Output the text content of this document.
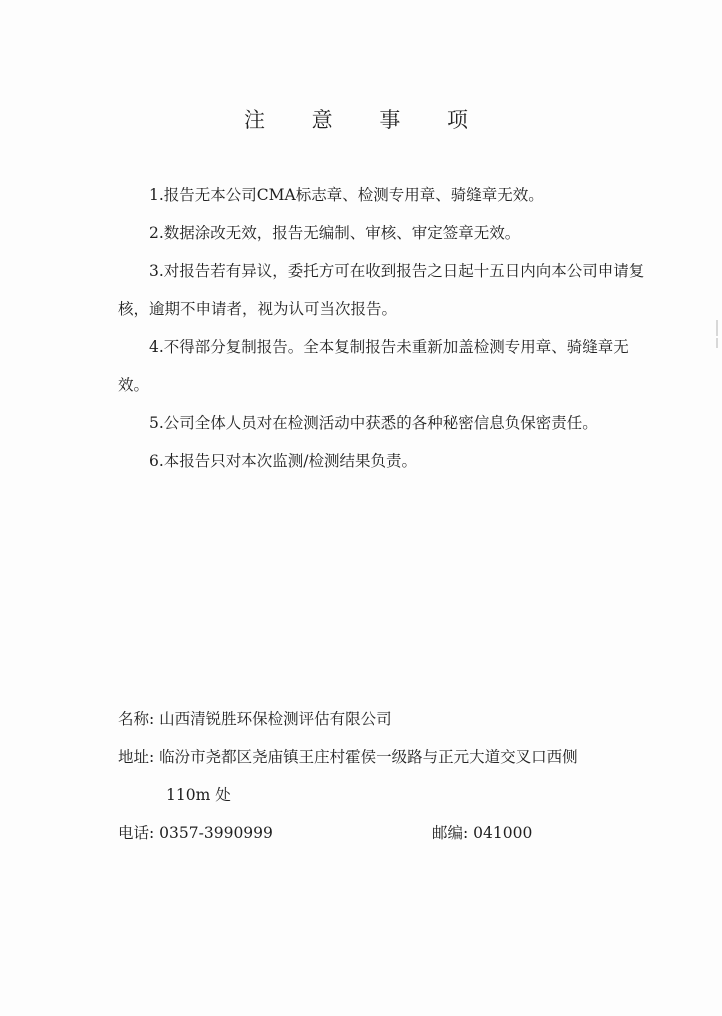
注 意 事 项
1.报告无本公司CMA标志章、检测专用章、骑缝章无效。
2.数据涂改无效，报告无编制、审核、审定签章无效。
3.对报告若有异议，委托方可在收到报告之日起十五日内向本公司申请复核，逾期不申请者，视为认可当次报告。
4.不得部分复制报告。全本复制报告未重新加盖检测专用章、骑缝章无效。
5.公司全体人员对在检测活动中获悉的各种秘密信息负保密责任。
6.本报告只对本次监测/检测结果负责。
名称: 山西清锐胜环保检测评估有限公司
地址: 临汾市尧都区尧庙镇王庄村霍侯一级路与正元大道交叉口西侧
110m 处
电话: 0357-3990999	邮编: 041000
